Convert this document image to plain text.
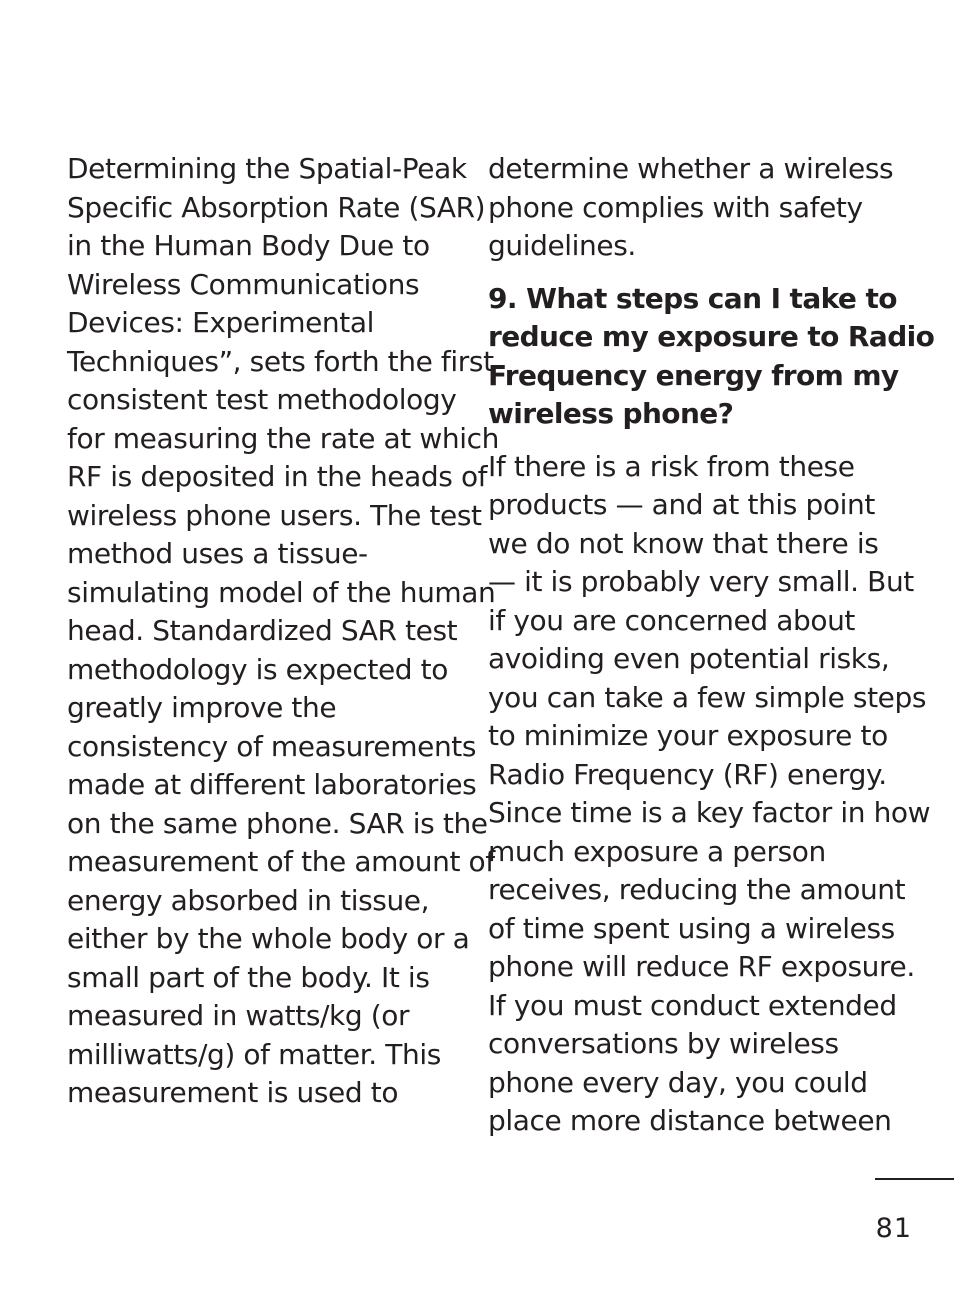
Determining the Spatial-Peak
Specific Absorption Rate (SAR)
in the Human Body Due to
Wireless Communications
Devices: Experimental
Techniques”, sets forth the first
consistent test methodology
for measuring the rate at which
RF is deposited in the heads of
wireless phone users. The test
method uses a tissue-
simulating model of the human
head. Standardized SAR test
methodology is expected to
greatly improve the
consistency of measurements
made at different laboratories
on the same phone. SAR is the
measurement of the amount of
energy absorbed in tissue,
either by the whole body or a
small part of the body. It is
measured in watts/kg (or
milliwatts/g) of matter. This
measurement is used to
determine whether a wireless
phone complies with safety
guidelines.
9. What steps can I take to
reduce my exposure to Radio
Frequency energy from my
wireless phone?
If there is a risk from these
products — and at this point
we do not know that there is
— it is probably very small. But
if you are concerned about
avoiding even potential risks,
you can take a few simple steps
to minimize your exposure to
Radio Frequency (RF) energy.
Since time is a key factor in how
much exposure a person
receives, reducing the amount
of time spent using a wireless
phone will reduce RF exposure.
If you must conduct extended
conversations by wireless
phone every day, you could
place more distance between
81
